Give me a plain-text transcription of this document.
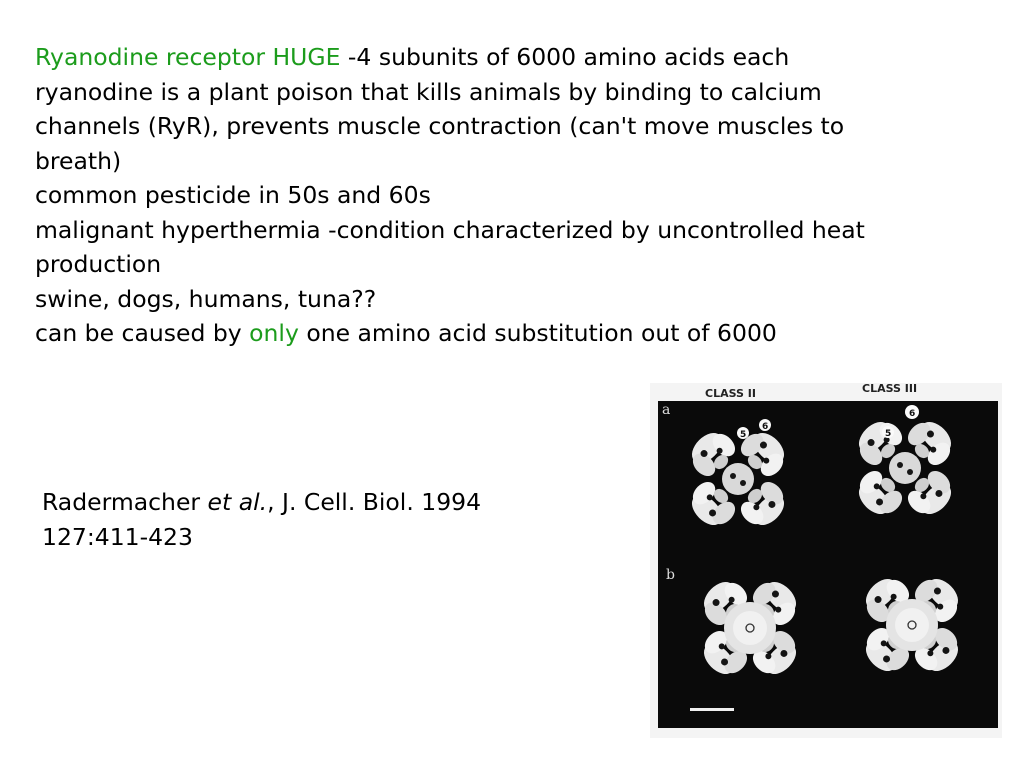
Ryanodine receptor HUGE -4 subunits of 6000 amino acids each
ryanodine is a plant poison that kills animals by binding to calcium
channels (RyR), prevents muscle contraction (can't move muscles to
breath)
common pesticide in 50s and 60s
malignant hyperthermia -condition characterized by uncontrolled heat
production
swine, dogs, humans, tuna??
can be caused by only one amino acid substitution out of 6000
Radermacher et al., J. Cell. Biol. 1994
127:411-423
CLASS II	CLASS III
a
b
5
6
5
6
